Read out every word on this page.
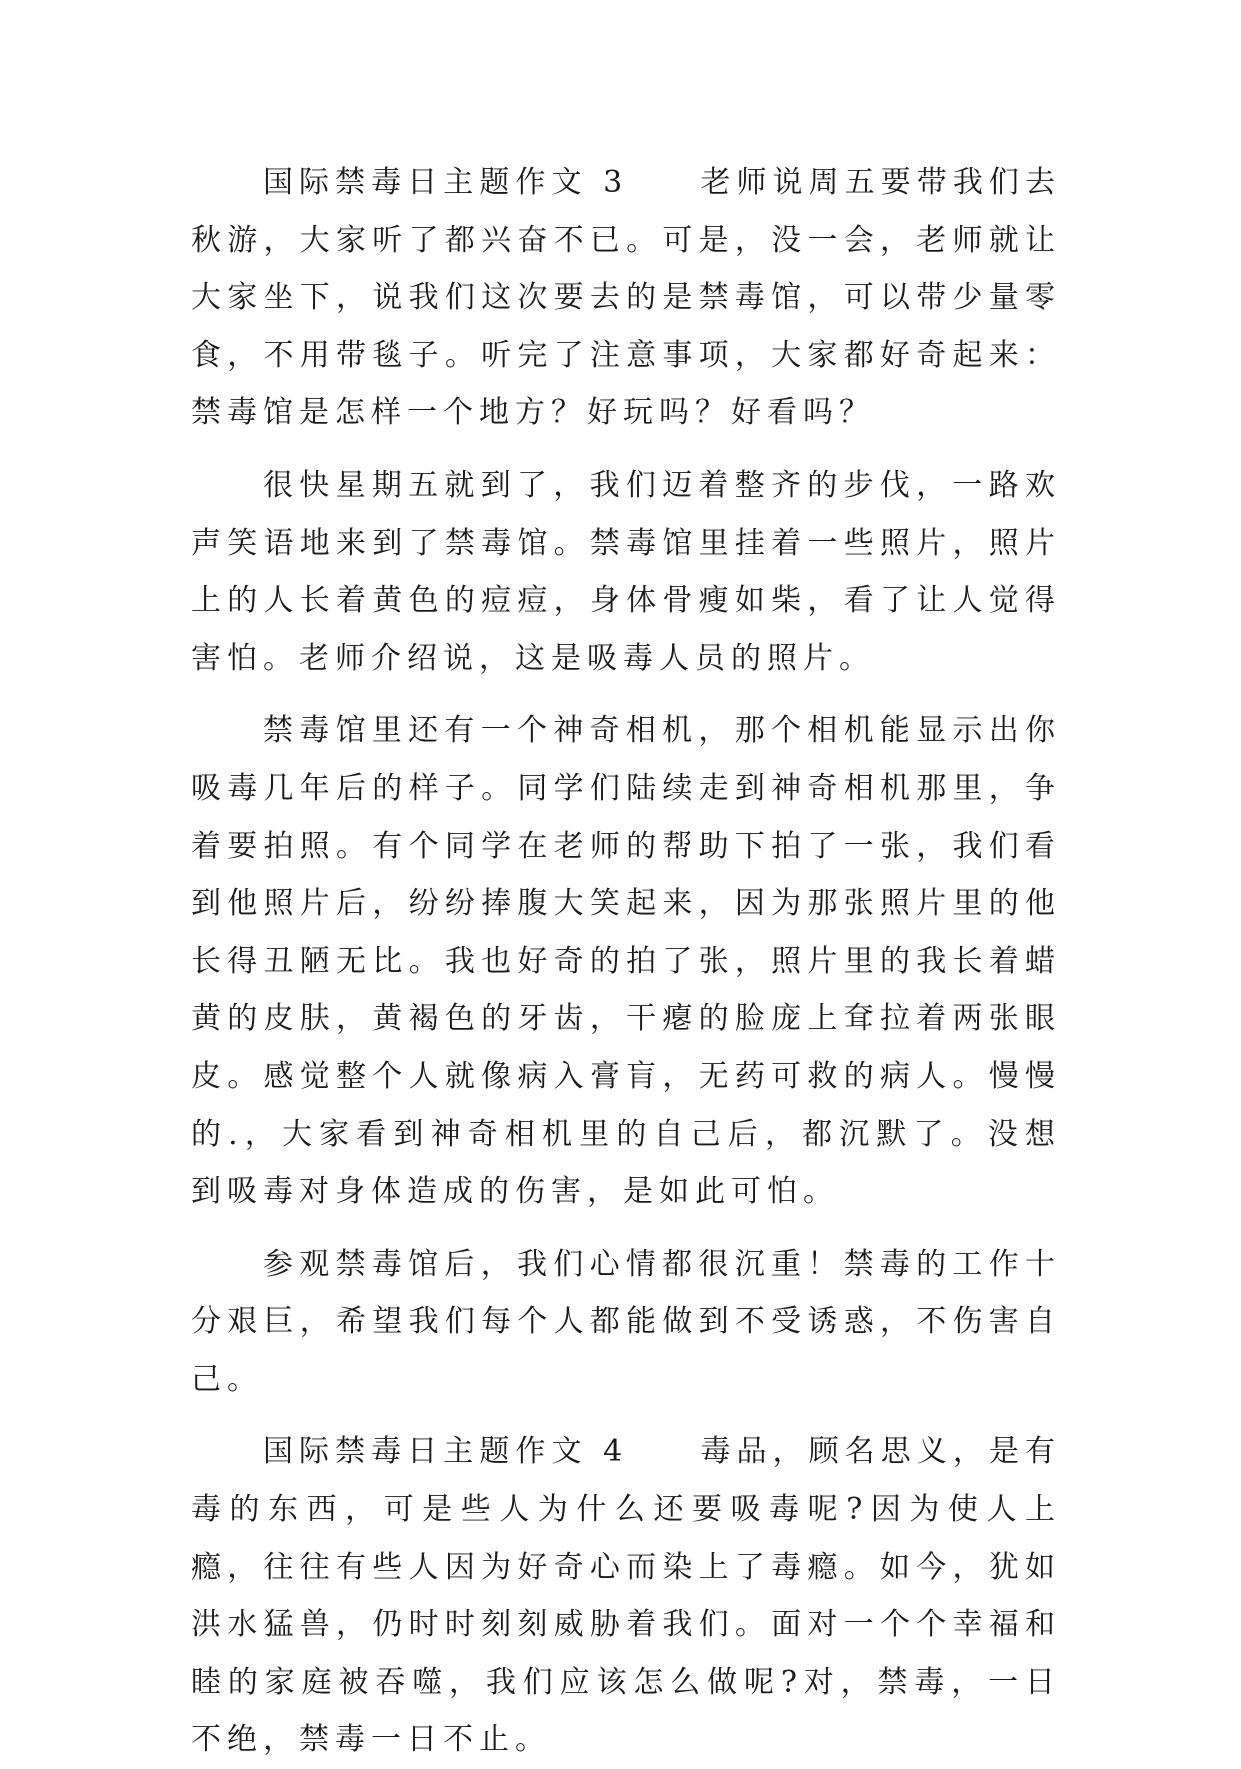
国际禁毒日主题作文 3　　老师说周五要带我们去秋游，大家听了都兴奋不已。可是，没一会，老师就让大家坐下，说我们这次要去的是禁毒馆，可以带少量零食，不用带毯子。听完了注意事项，大家都好奇起来：禁毒馆是怎样一个地方？好玩吗？好看吗？

很快星期五就到了，我们迈着整齐的步伐，一路欢声笑语地来到了禁毒馆。禁毒馆里挂着一些照片，照片上的人长着黄色的痘痘，身体骨瘦如柴，看了让人觉得害怕。老师介绍说，这是吸毒人员的照片。

禁毒馆里还有一个神奇相机，那个相机能显示出你吸毒几年后的样子。同学们陆续走到神奇相机那里，争着要拍照。有个同学在老师的帮助下拍了一张，我们看到他照片后，纷纷捧腹大笑起来，因为那张照片里的他长得丑陋无比。我也好奇的拍了张，照片里的我长着蜡黄的皮肤，黄褐色的牙齿，干瘪的脸庞上耷拉着两张眼皮。感觉整个人就像病入膏肓，无药可救的病人。慢慢的.，大家看到神奇相机里的自己后，都沉默了。没想到吸毒对身体造成的伤害，是如此可怕。

参观禁毒馆后，我们心情都很沉重！禁毒的工作十分艰巨，希望我们每个人都能做到不受诱惑，不伤害自己。

国际禁毒日主题作文 4　　毒品，顾名思义，是有毒的东西，可是些人为什么还要吸毒呢?因为使人上瘾，往往有些人因为好奇心而染上了毒瘾。如今，犹如洪水猛兽，仍时时刻刻威胁着我们。面对一个个幸福和睦的家庭被吞噬，我们应该怎么做呢?对，禁毒，一日不绝，禁毒一日不止。
